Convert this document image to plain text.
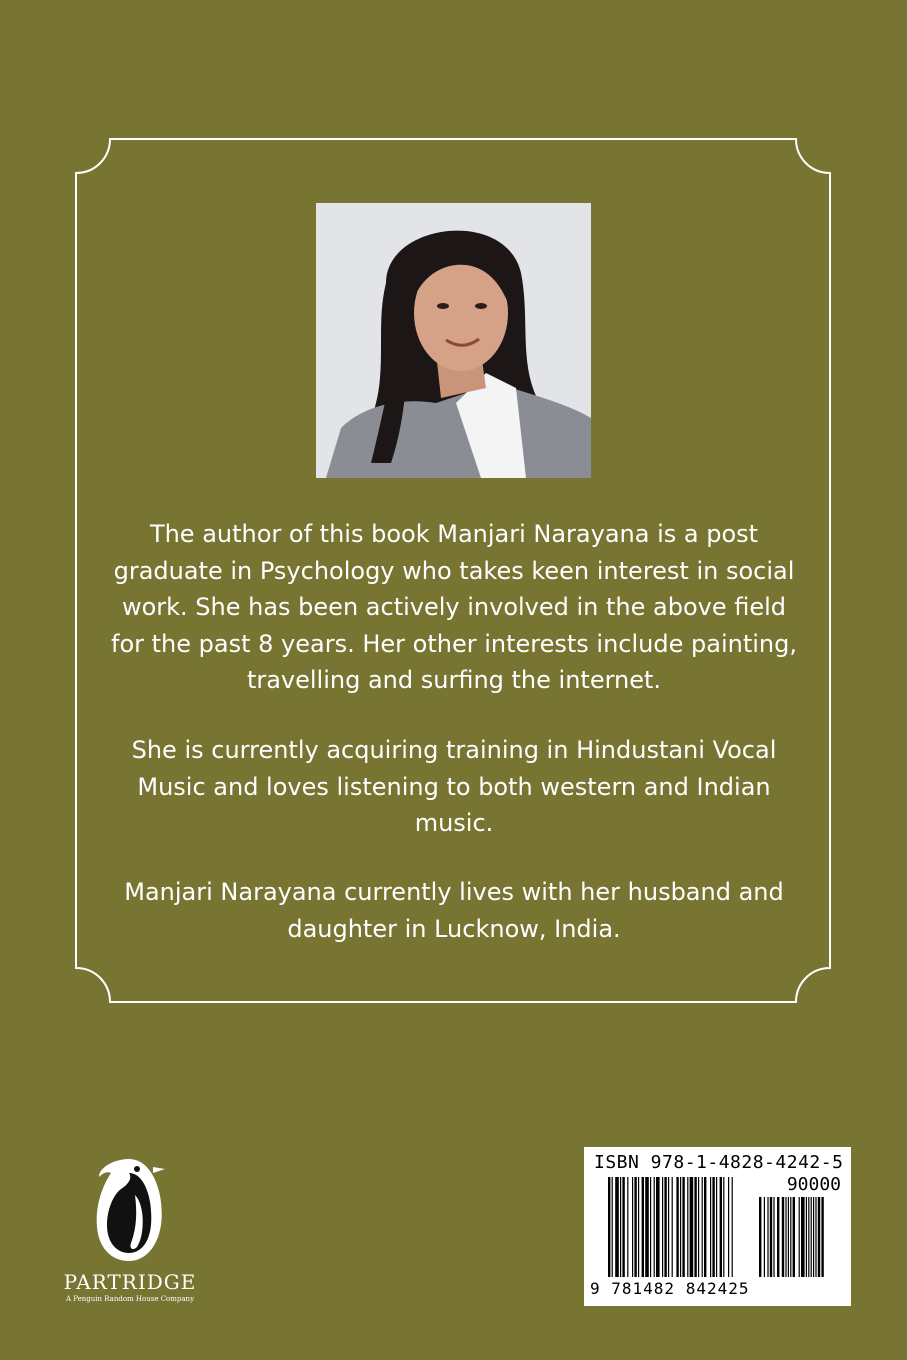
The author of this book Manjari Narayana is a post graduate in Psychology who takes keen interest in social work. She has been actively involved in the above field for the past 8 years. Her other interests include painting, travelling and surfing the internet.

She is currently acquiring training in Hindustani Vocal Music and loves listening to both western and Indian music.

Manjari Narayana currently lives with her husband and daughter in Lucknow, India.

PARTRIDGE
A Penguin Random House Company
ISBN 978-1-4828-4242-5
90000
9 781482 842425
